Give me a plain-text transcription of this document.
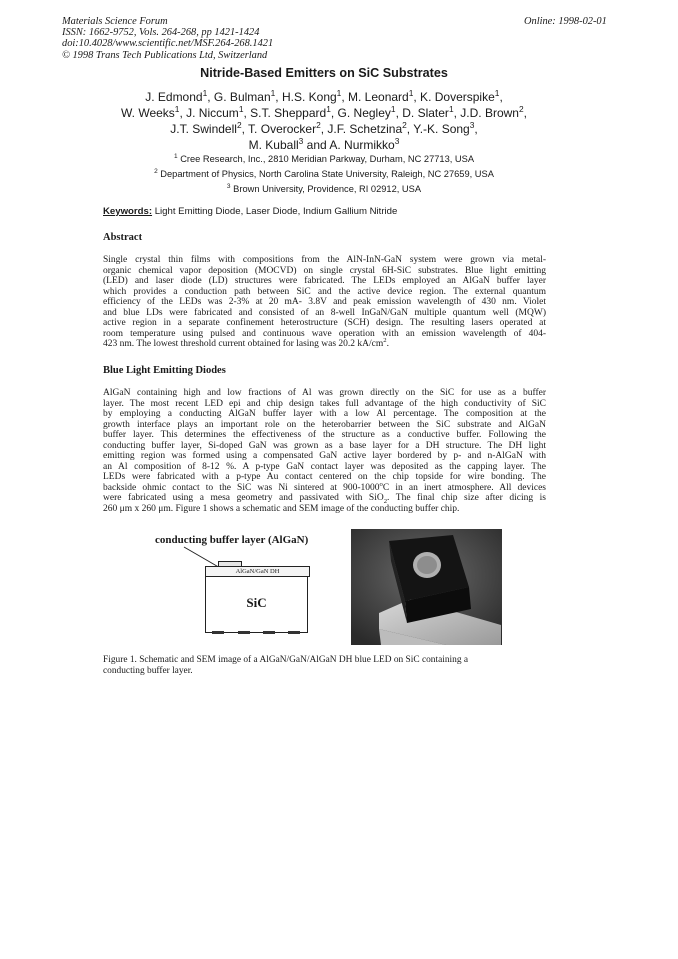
Materials Science Forum
ISSN: 1662-9752, Vols. 264-268, pp 1421-1424
doi:10.4028/www.scientific.net/MSF.264-268.1421
© 1998 Trans Tech Publications Ltd, Switzerland
Online: 1998-02-01
Nitride-Based Emitters on SiC Substrates
J. Edmond$^1$, G. Bulman$^1$, H.S. Kong$^1$, M. Leonard$^1$, K. Doverspike$^1$,
W. Weeks$^1$, J. Niccum$^1$, S.T. Sheppard$^1$, G. Negley$^1$, D. Slater$^1$, J.D. Brown$^2$,
J.T. Swindell$^2$, T. Overocker$^2$, J.F. Schetzina$^2$, Y.-K. Song$^3$,
M. Kuball$^3$ and A. Nurmikko$^3$
$^1$ Cree Research, Inc., 2810 Meridian Parkway, Durham, NC 27713, USA
$^2$ Department of Physics, North Carolina State University, Raleigh, NC 27659, USA
$^3$ Brown University, Providence, RI 02912, USA
Keywords: Light Emitting Diode, Laser Diode, Indium Gallium Nitride
Abstract
Single crystal thin films with compositions from the AlN-InN-GaN system were grown via metal-
organic chemical vapor deposition (MOCVD) on single crystal 6H-SiC substrates. Blue light emitting
(LED) and laser diode (LD) structures were fabricated. The LEDs employed an AlGaN buffer layer
which provides a conduction path between SiC and the active device region. The external quantum
efficiency of the LEDs was 2-3% at 20 mA- 3.8V and peak emission wavelength of 430 nm. Violet
and blue LDs were fabricated and consisted of an 8-well InGaN/GaN multiple quantum well (MQW)
active region in a separate confinement heterostructure (SCH) design. The resulting lasers operated at
room temperature using pulsed and continuous wave operation with an emission wavelength of 404-
423 nm. The lowest threshold current obtained for lasing was 20.2 $kA/cm^2$.
Blue Light Emitting Diodes
AlGaN containing high and low fractions of Al was grown directly on the SiC for use as a buffer
layer. The most recent LED epi and chip design takes full advantage of the high conductivity of SiC
by employing a conducting AlGaN buffer layer with a low Al percentage. The composition at the
growth interface plays an important role on the heterobarrier between the SiC substrate and AlGaN
buffer layer. This determines the effectiveness of the structure as a conductive buffer. Following the
conducting buffer layer, Si-doped GaN was grown as a base layer for a DH structure. The DH light
emitting region was formed using a compensated GaN active layer bordered by p- and n-AlGaN with
an Al composition of 8-12 %. A p-type GaN contact layer was deposited as the capping layer. The
LEDs were fabricated with a p-type Au contact centered on the chip topside for wire bonding. The
backside ohmic contact to the SiC was Ni sintered at 900-1000$^o$C in an inert atmosphere. All devices
were fabricated using a mesa geometry and passivated with SiO$_2$. The final chip size after dicing is
260 μm x 260 μm. Figure 1 shows a schematic and SEM image of the conducting buffer chip.
conducting buffer layer (AlGaN)
AlGaN/GaN DH
SiC
Figure 1. Schematic and SEM image of a AlGaN/GaN/AlGaN DH blue LED on SiC containing a
conducting buffer layer.
